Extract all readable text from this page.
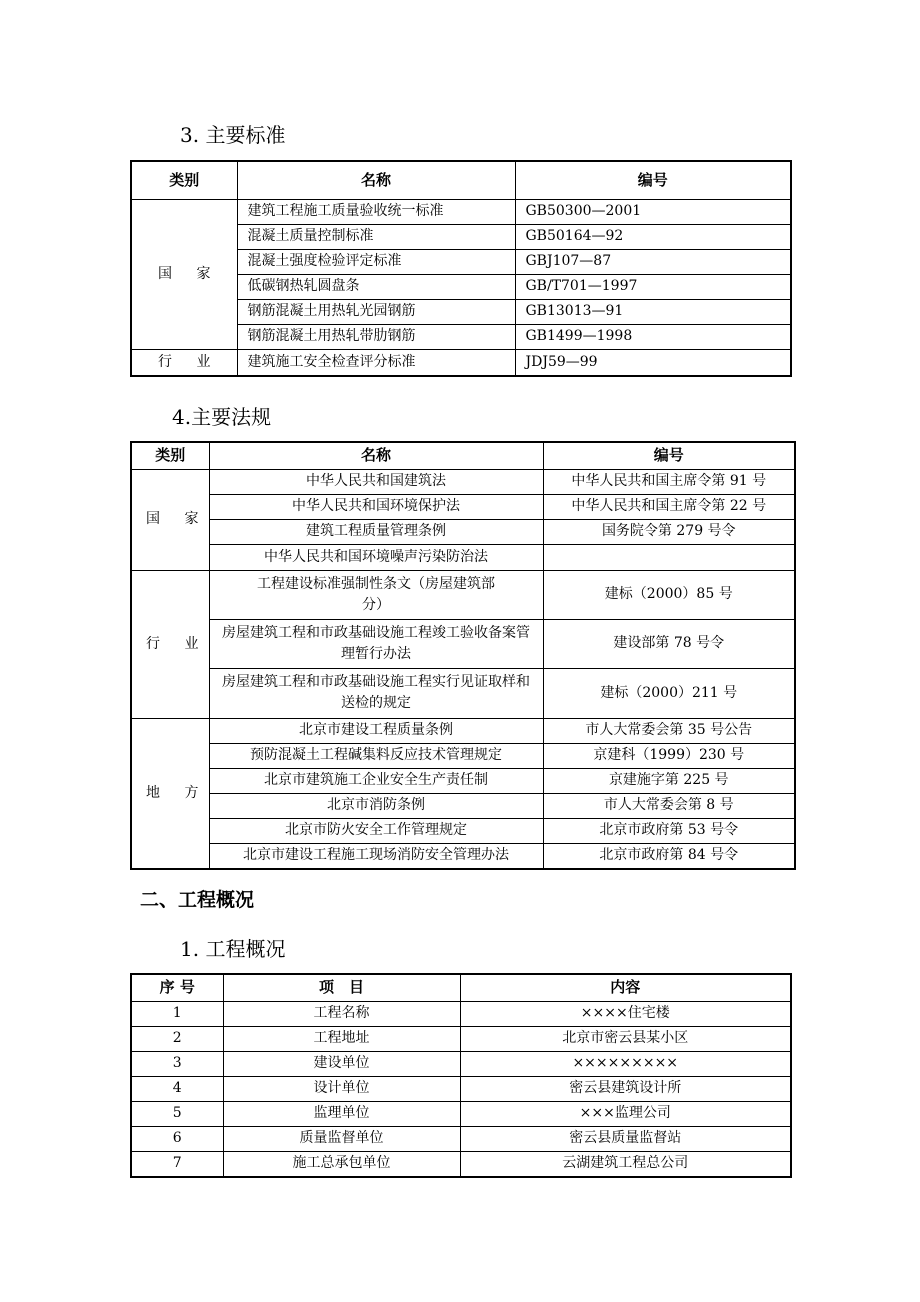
3. 主要标准
类别	名称	编号
国 家	建筑工程施工质量验收统一标准	GB50300—2001
	混凝土质量控制标准	GB50164—92
	混凝土强度检验评定标准	GBJ107—87
	低碳钢热轧圆盘条	GB/T701—1997
	钢筋混凝土用热轧光园钢筋	GB13013—91
	钢筋混凝土用热轧带肋钢筋	GB1499—1998
行 业	建筑施工安全检查评分标准	JDJ59—99
4.主要法规
类别	名称	编号
国 家	中华人民共和国建筑法	中华人民共和国主席令第 91 号
	中华人民共和国环境保护法	中华人民共和国主席令第 22 号
	建筑工程质量管理条例	国务院令第 279 号令
	中华人民共和国环境噪声污染防治法	
行 业	工程建设标准强制性条文（房屋建筑部分）	建标（2000）85 号
	房屋建筑工程和市政基础设施工程竣工验收备案管理暂行办法	建设部第 78 号令
	房屋建筑工程和市政基础设施工程实行见证取样和送检的规定	建标（2000）211 号
地 方	北京市建设工程质量条例	市人大常委会第 35 号公告
	预防混凝土工程碱集料反应技术管理规定	京建科（1999）230 号
	北京市建筑施工企业安全生产责任制	京建施字第 225 号
	北京市消防条例	市人大常委会第 8 号
	北京市防火安全工作管理规定	北京市政府第 53 号令
	北京市建设工程施工现场消防安全管理办法	北京市政府第 84 号令
二、工程概况
1. 工程概况
序 号	项　目	内容
1	工程名称	××××住宅楼
2	工程地址	北京市密云县某小区
3	建设单位	×××××××××
4	设计单位	密云县建筑设计所
5	监理单位	×××监理公司
6	质量监督单位	密云县质量监督站
7	施工总承包单位	云湖建筑工程总公司
